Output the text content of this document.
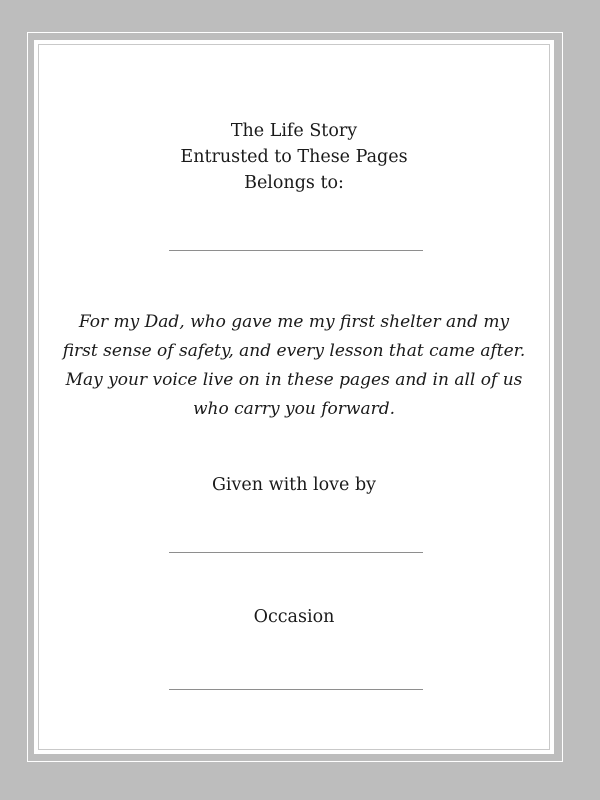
The Life Story
Entrusted to These Pages
Belongs to:
For my Dad, who gave me my first shelter and my
first sense of safety, and every lesson that came after.
May your voice live on in these pages and in all of us
who carry you forward.
Given with love by
Occasion
